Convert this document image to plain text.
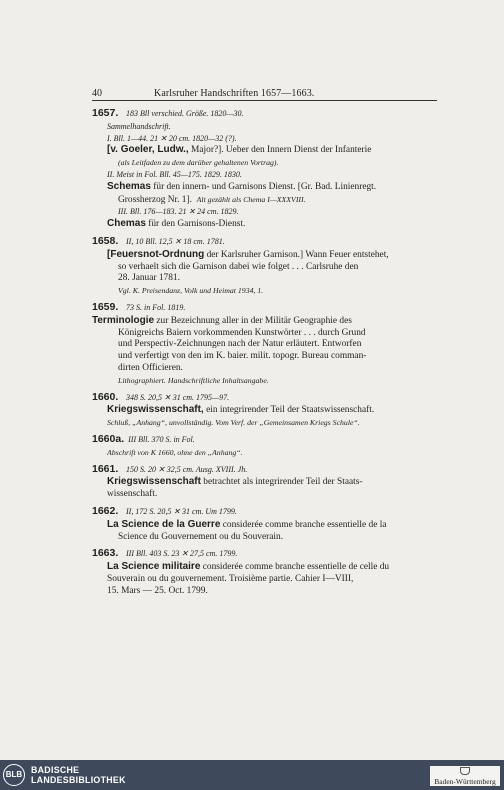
40	Karlsruher Handschriften 1657—1663.
1657. 183 Bll verschied. Größe. 1820—30.
Sammelhandschrift.
I. Bll. 1—44. 21 ✕ 20 cm. 1820—32 (?).
[v. Goeler, Ludw., Major?]. Ueber den Innern Dienst der Infanterie
(als Leitfaden zu dem darüber gehaltenen Vortrag).
II. Meist in Fol. Bll. 45—175. 1829. 1830.
Schemas für den innern- und Garnisons Dienst. [Gr. Bad. Linienregt.
Grossherzog Nr. 1]. Alt gezählt als Chema I—XXXVIII.
III. Bll. 176—183. 21 ✕ 24 cm. 1829.
Chemas für den Garnisons-Dienst.
1658. II, 10 Bll. 12,5 ✕ 18 cm. 1781.
[Feuersnot-Ordnung der Karlsruher Garnison.] Wann Feuer entstehet,
so verhaelt sich die Garnison dabei wie folget . . . Carlsruhe den
28. Januar 1781.
Vgl. K. Preisendanz, Volk und Heimat 1934, 1.
1659. 73 S. in Fol. 1819.
Terminologie zur Bezeichnung aller in der Militär Geographie des
Königreichs Baiern vorkommenden Kunstwörter . . . durch Grund
und Perspectiv-Zeichnungen nach der Natur erläutert. Entworfen
und verfertigt von den im K. baier. milit. topogr. Bureau comman-
dirten Officieren.
Lithographiert. Handschriftliche Inhaltsangabe.
1660. 348 S. 20,5 ✕ 31 cm. 1795—97.
Kriegswissenschaft, ein integrirender Teil der Staatswissenschaft.
Schluß, „Anhang“, unvollständig. Vom Verf. der „Gemeinsamen Kriegs Schule“.
1660a. III Bll. 370 S. in Fol.
Abschrift von K 1660, ohne den „Anhang“.
1661. 150 S. 20 ✕ 32,5 cm. Ausg. XVIII. Jh.
Kriegswissenschaft betrachtet als integrirender Teil der Staats-
wissenschaft.
1662. II, 172 S. 20,5 ✕ 31 cm. Um 1799.
La Science de la Guerre considerée comme branche essentielle de la
Science du Gouvernement ou du Souverain.
1663. III Bll. 403 S. 23 ✕ 27,5 cm. 1799.
La Science militaire considerée comme branche essentielle de celle du
Souverain ou du gouvernement. Troisième partie. Cahier I—VIII,
15. Mars — 25. Oct. 1799.
BLB BADISCHE
LANDESBIBLIOTHEK	Baden-Württemberg
